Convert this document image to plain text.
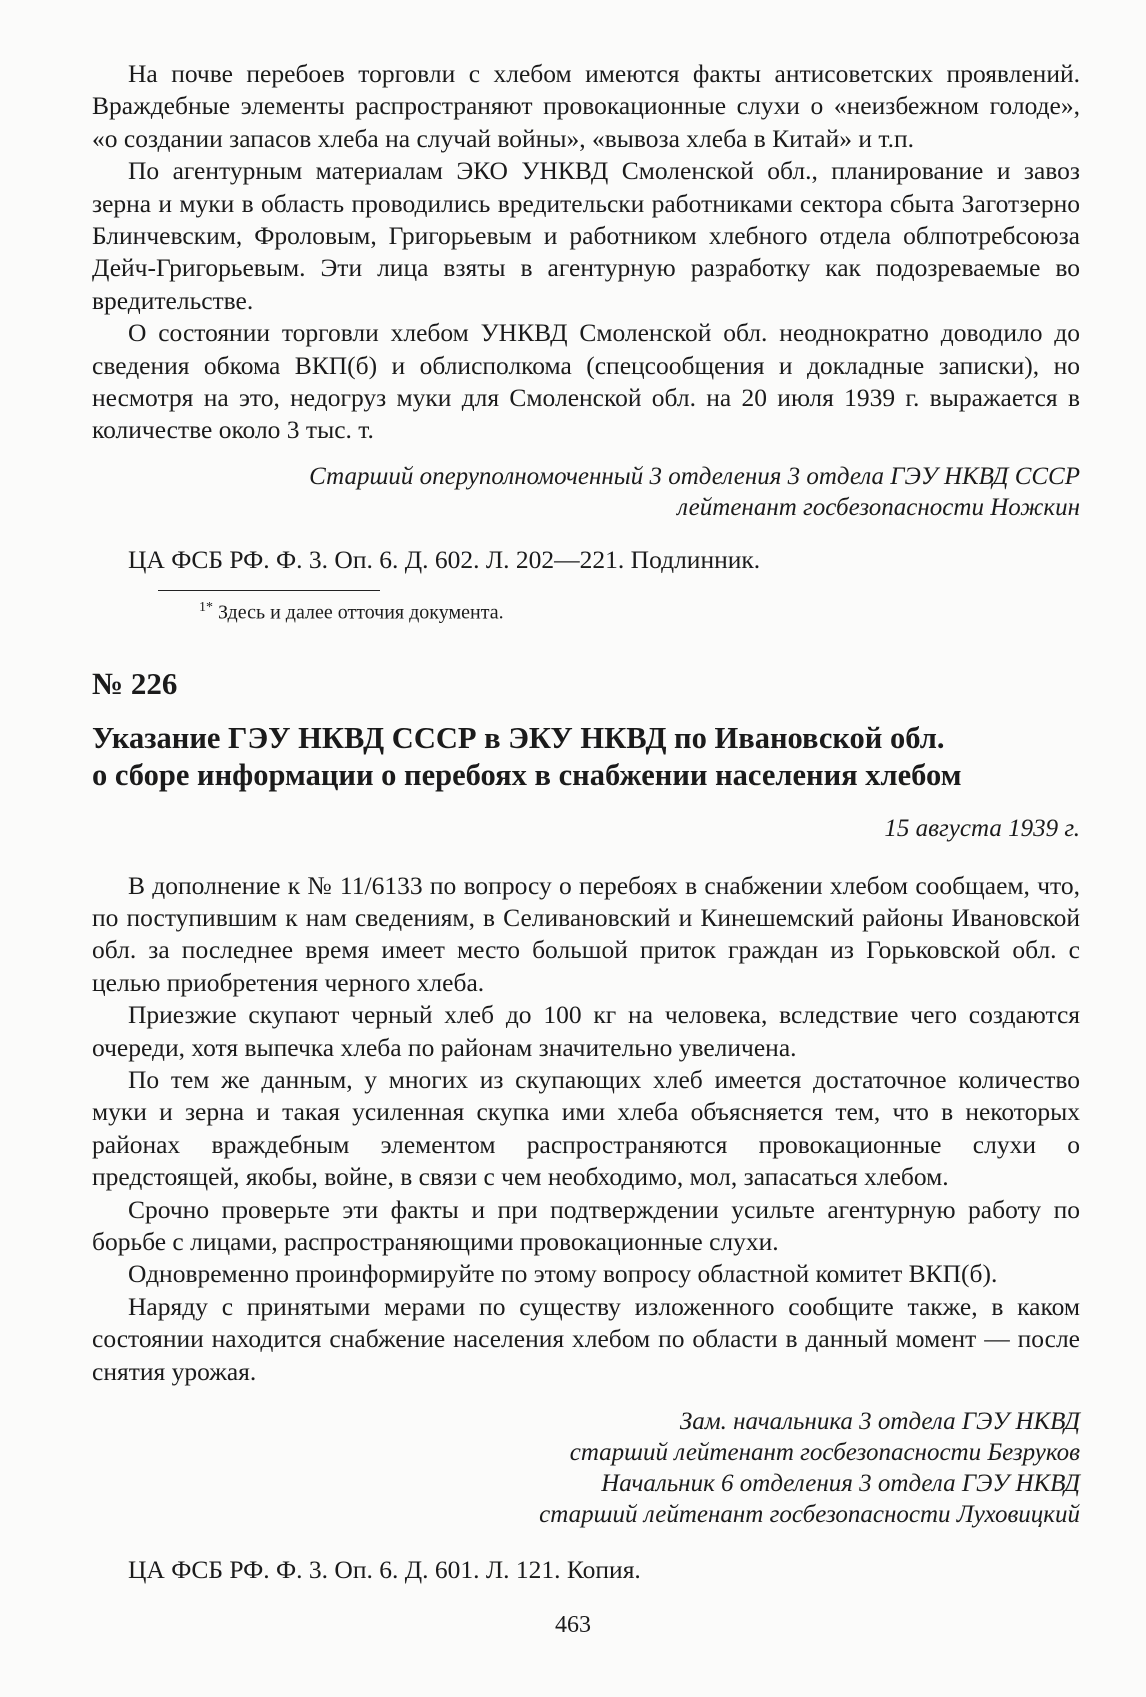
На почве перебоев торговли с хлебом имеются факты антисоветских проявлений. Враждебные элементы распространяют провокационные слухи о «неизбежном голоде», «о создании запасов хлеба на случай войны», «вывоза хлеба в Китай» и т.п.

По агентурным материалам ЭКО УНКВД Смоленской обл., планирование и завоз зерна и муки в область проводились вредительски работниками сектора сбыта Заготзерно Блинчевским, Фроловым, Григорьевым и работником хлебного отдела облпотребсоюза Дейч-Григорьевым. Эти лица взяты в агентурную разработку как подозреваемые во вредительстве.

О состоянии торговли хлебом УНКВД Смоленской обл. неоднократно доводило до сведения обкома ВКП(б) и облисполкома (спецсообщения и докладные записки), но несмотря на это, недогруз муки для Смоленской обл. на 20 июля 1939 г. выражается в количестве около 3 тыс. т.

Старший оперуполномоченный 3 отделения 3 отдела ГЭУ НКВД СССР
лейтенант госбезопасности Ножкин
ЦА ФСБ РФ. Ф. 3. Оп. 6. Д. 602. Л. 202—221. Подлинник.
$^{1*}$ Здесь и далее отточия документа.
№ 226
Указание ГЭУ НКВД СССР в ЭКУ НКВД по Ивановской обл.
о сборе информации о перебоях в снабжении населения хлебом
15 августа 1939 г.

В дополнение к № 11/6133 по вопросу о перебоях в снабжении хлебом сообщаем, что, по поступившим к нам сведениям, в Селивановский и Кинешемский районы Ивановской обл. за последнее время имеет место большой приток граждан из Горьковской обл. с целью приобретения черного хлеба.

Приезжие скупают черный хлеб до 100 кг на человека, вследствие чего создаются очереди, хотя выпечка хлеба по районам значительно увеличена.

По тем же данным, у многих из скупающих хлеб имеется достаточное количество муки и зерна и такая усиленная скупка ими хлеба объясняется тем, что в некоторых районах враждебным элементом распространяются провокационные слухи о предстоящей, якобы, войне, в связи с чем необходимо, мол, запасаться хлебом.

Срочно проверьте эти факты и при подтверждении усильте агентурную работу по борьбе с лицами, распространяющими провокационные слухи.

Одновременно проинформируйте по этому вопросу областной комитет ВКП(б).

Наряду с принятыми мерами по существу изложенного сообщите также, в каком состоянии находится снабжение населения хлебом по области в данный момент — после снятия урожая.

Зам. начальника 3 отдела ГЭУ НКВД
старший лейтенант госбезопасности Безруков
Начальник 6 отделения 3 отдела ГЭУ НКВД
старший лейтенант госбезопасности Луховицкий
ЦА ФСБ РФ. Ф. 3. Оп. 6. Д. 601. Л. 121. Копия.
463
